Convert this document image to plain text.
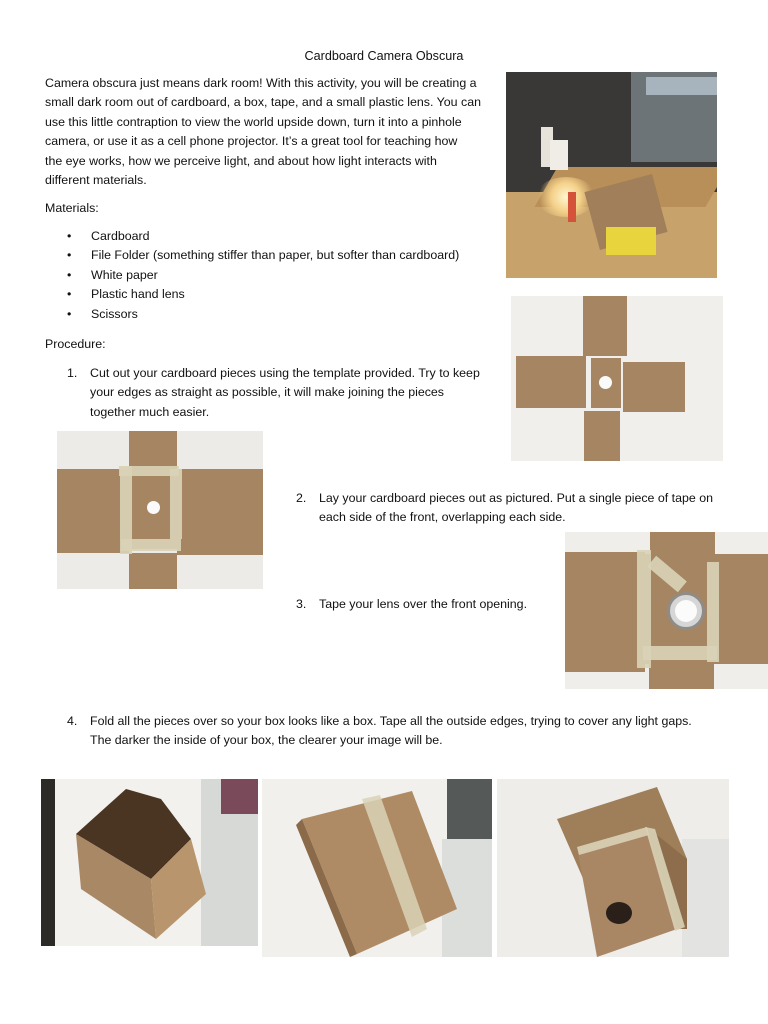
Cardboard Camera Obscura
Camera obscura just means dark room! With this activity, you will be creating a
small dark room out of cardboard, a box, tape, and a small plastic lens. You can
use this little contraption to view the world upside down, turn it into a pinhole
camera, or use it as a cell phone projector. It’s a great tool for teaching how
the eye works, how we perceive light, and about how light interacts with
different materials.
Materials:
• Cardboard
• File Folder (something stiffer than paper, but softer than cardboard)
• White paper
• Plastic hand lens
• Scissors
Procedure:
1. Cut out your cardboard pieces using the template provided. Try to keep
your edges as straight as possible, it will make joining the pieces
together much easier.
2. Lay your cardboard pieces out as pictured. Put a single piece of tape on
each side of the front, overlapping each side.
3. Tape your lens over the front opening.
4. Fold all the pieces over so your box looks like a box. Tape all the outside edges, trying to cover any light gaps.
The darker the inside of your box, the clearer your image will be.
